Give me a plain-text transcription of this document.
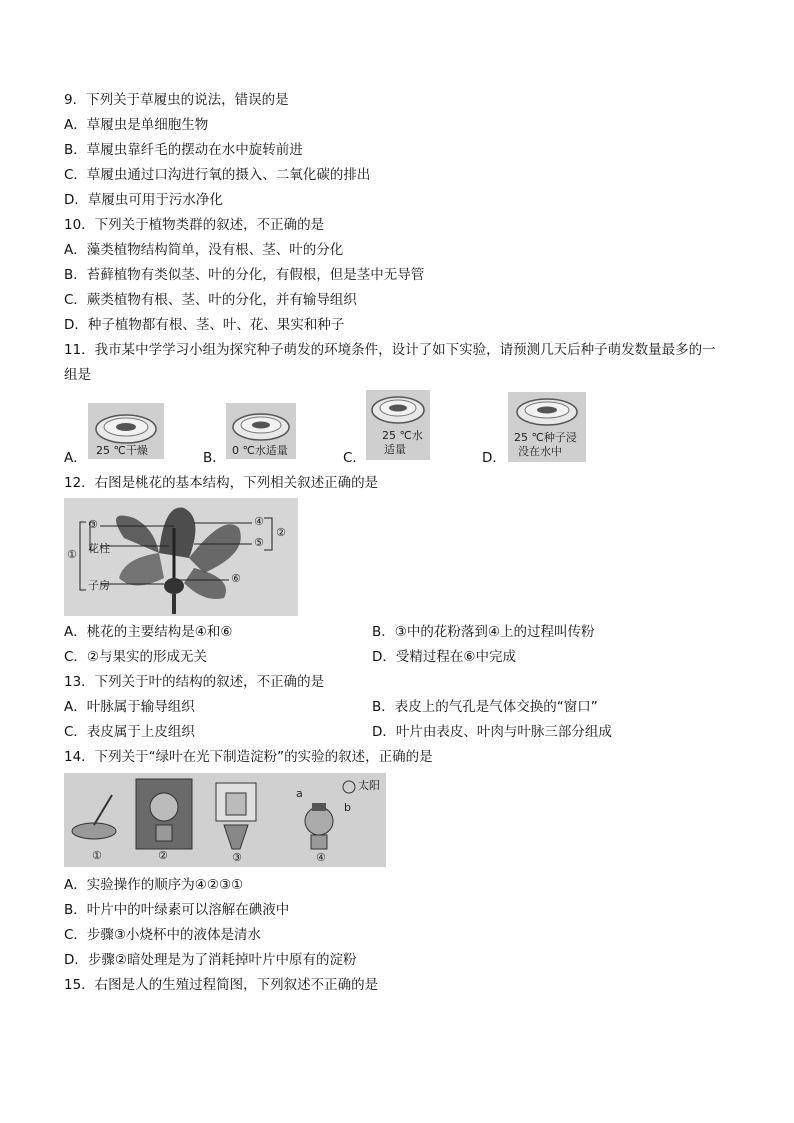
9．下列关于草履虫的说法，错误的是
A．草履虫是单细胞生物
B．草履虫靠纤毛的摆动在水中旋转前进
C．草履虫通过口沟进行氧的摄入、二氧化碳的排出
D．草履虫可用于污水净化
10．下列关于植物类群的叙述，不正确的是
A．藻类植物结构简单，没有根、茎、叶的分化
B．苔藓植物有类似茎、叶的分化，有假根，但是茎中无导管
C．蕨类植物有根、茎、叶的分化，并有输导组织
D．种子植物都有根、茎、叶、花、果实和种子
11．我市某中学学习小组为探究种子萌发的环境条件，设计了如下实验，请预测几天后种子萌发数量最多的一
组是
A． 25 ℃干燥	B． 0 ℃水适量	C．
25 ℃水
适量
D．
25 ℃种子浸
没在水中
12．右图是桃花的基本结构，下列相关叙述正确的是
③	④
⑤
②
① 花柱
子房
⑥
A．桃花的主要结构是④和⑥	B．③中的花粉落到④上的过程叫传粉
C．②与果实的形成无关	D．受精过程在⑥中完成
13．下列关于叶的结构的叙述，不正确的是
A．叶脉属于输导组织	B．表皮上的气孔是气体交换的“窗口”
C．表皮属于上皮组织	D．叶片由表皮、叶肉与叶脉三部分组成
14．下列关于“绿叶在光下制造淀粉”的实验的叙述，正确的是
①	②	③	④
太阳
a
b
A．实验操作的顺序为④②③①
B．叶片中的叶绿素可以溶解在碘液中
C．步骤③小烧杯中的液体是清水
D．步骤②暗处理是为了消耗掉叶片中原有的淀粉
15．右图是人的生殖过程简图，下列叙述不正确的是
